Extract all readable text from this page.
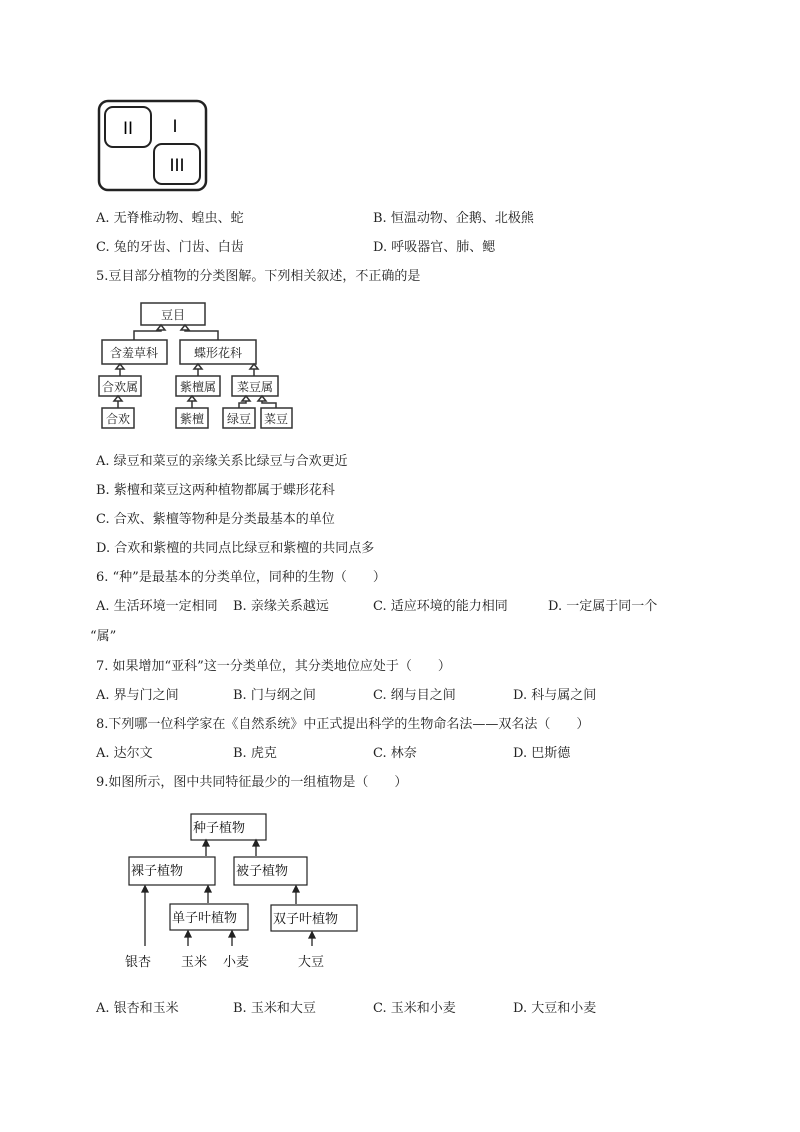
I
II
III
A. 无脊椎动物、蝗虫、蛇	B. 恒温动物、企鹅、北极熊
C. 兔的牙齿、门齿、白齿	D. 呼吸器官、肺、鳃
5.豆目部分植物的分类图解。下列相关叙述，不正确的是
豆目
含羞草科	蝶形花科
合欢属	紫檀属 菜豆属
合欢	紫檀 绿豆 菜豆
A. 绿豆和菜豆的亲缘关系比绿豆与合欢更近
B. 紫檀和菜豆这两种植物都属于蝶形花科
C. 合欢、紫檀等物种是分类最基本的单位
D. 合欢和紫檀的共同点比绿豆和紫檀的共同点多
6. “种”是最基本的分类单位，同种的生物（　　）
A. 生活环境一定相同 B. 亲缘关系越远	C. 适应环境的能力相同	D. 一定属于同一个
“属”
7. 如果增加“亚科”这一分类单位，其分类地位应处于（　　）
A. 界与门之间	B. 门与纲之间	C. 纲与目之间	D. 科与属之间
8.下列哪一位科学家在《自然系统》中正式提出科学的生物命名法——双名法（　　）
A. 达尔文	B. 虎克	C. 林奈	D. 巴斯德
9.如图所示，图中共同特征最少的一组植物是（　　）
种子植物
裸子植物	被子植物
单子叶植物	双子叶植物
银杏 玉米 小麦	大豆
A. 银杏和玉米	B. 玉米和大豆	C. 玉米和小麦	D. 大豆和小麦
